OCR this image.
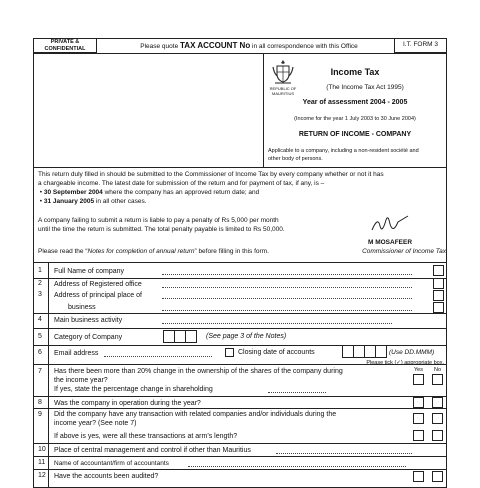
PRIVATE &
CONFIDENTIAL	Please quote TAX ACCOUNT No in all correspondence with this Office	I.T. FORM 3
REPUBLIC OF
MAURITIUS
Income Tax
(The Income Tax Act 1995)
Year of assessment 2004 - 2005
(Income for the year 1 July 2003 to 30 June 2004)
RETURN OF INCOME - COMPANY
Applicable to a company, including a non-resident société and
other body of persons.
This return duly filled in should be submitted to the Commissioner of Income Tax by every company whether or not it has
a chargeable income. The latest date for submission of the return and for payment of tax, if any, is –
• 30 September 2004 where the company has an approved return date; and
• 31 January 2005 in all other cases.
A company failing to submit a return is liable to pay a penalty of Rs 5,000 per month
until the time the return is submitted. The total penalty payable is limited to Rs 50,000.
M MOSAFEER
Commissioner of Income Tax
Please read the “Notes for completion of annual return” before filling in this form.
1 Full Name of company
2 Address of Registered office
3 Address of principal place of
business
4 Main business activity
5 Category of Company	(See page 3 of the Notes)
6 Email address	Closing date of accounts	(Use DD.MMM)
Please tick (✓) appropriate box.
Yes No
7 Has there been more than 20% change in the ownership of the shares of the company during
the income year?
If yes, state the percentage change in shareholding
8 Was the company in operation during the year?
9 Did the company have any transaction with related companies and/or individuals during the
income year? (See note 7)
If above is yes, were all these transactions at arm’s length?
10 Place of central management and control if other than Mauritius
11 Name of accountant/firm of accountants
12 Have the accounts been audited?
